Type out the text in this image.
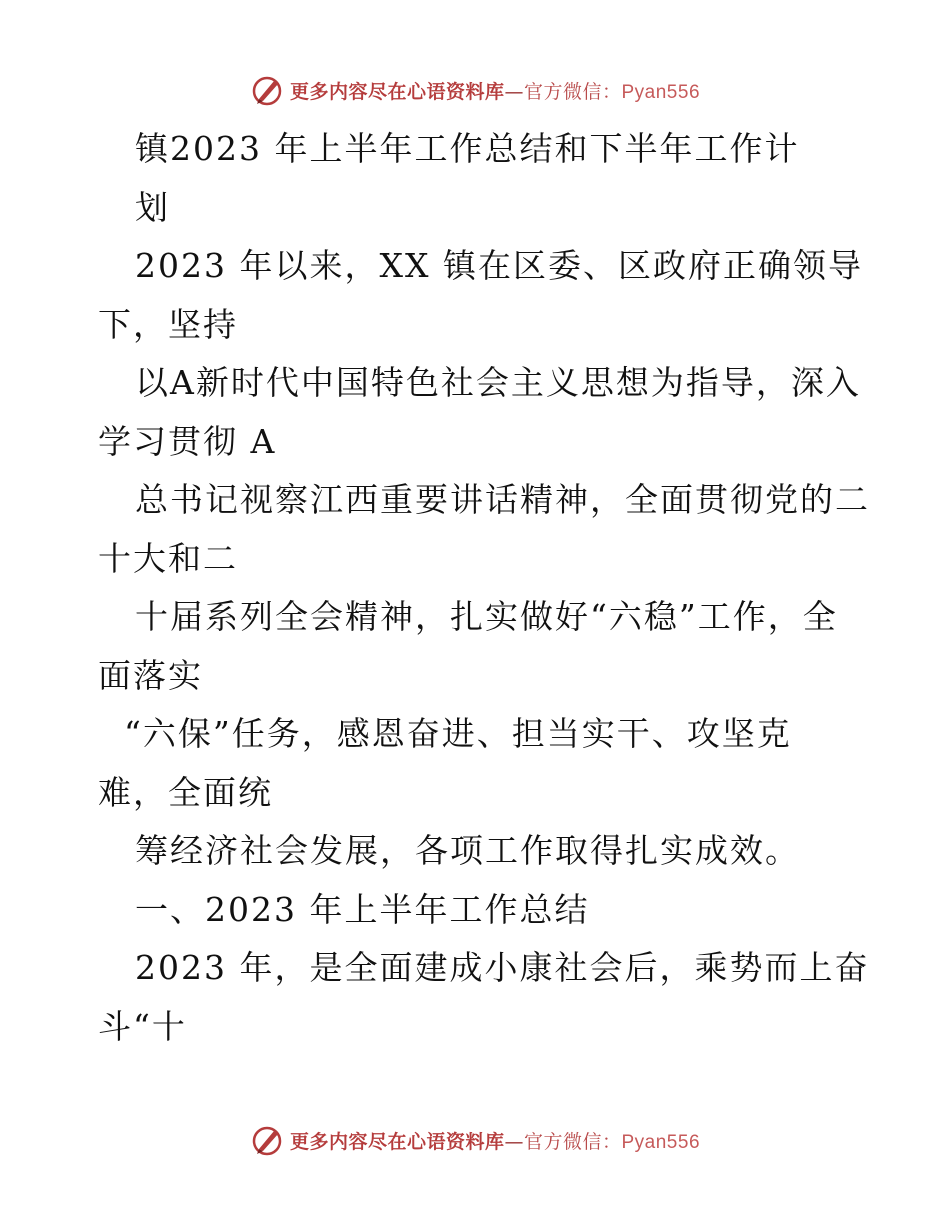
更多内容尽在心语资料库—官方微信：Pyan556
镇2023 年上半年工作总结和下半年工作计
划
2023 年以来，XX 镇在区委、区政府正确领导
下，坚持
以A新时代中国特色社会主义思想为指导，深入
学习贯彻 A
总书记视察江西重要讲话精神，全面贯彻党的二
十大和二
十届系列全会精神，扎实做好“六稳”工作，全
面落实
“六保”任务，感恩奋进、担当实干、攻坚克
难，全面统
筹经济社会发展，各项工作取得扎实成效。
一、2023 年上半年工作总结
2023 年，是全面建成小康社会后，乘势而上奋
斗“十
更多内容尽在心语资料库—官方微信：Pyan556
